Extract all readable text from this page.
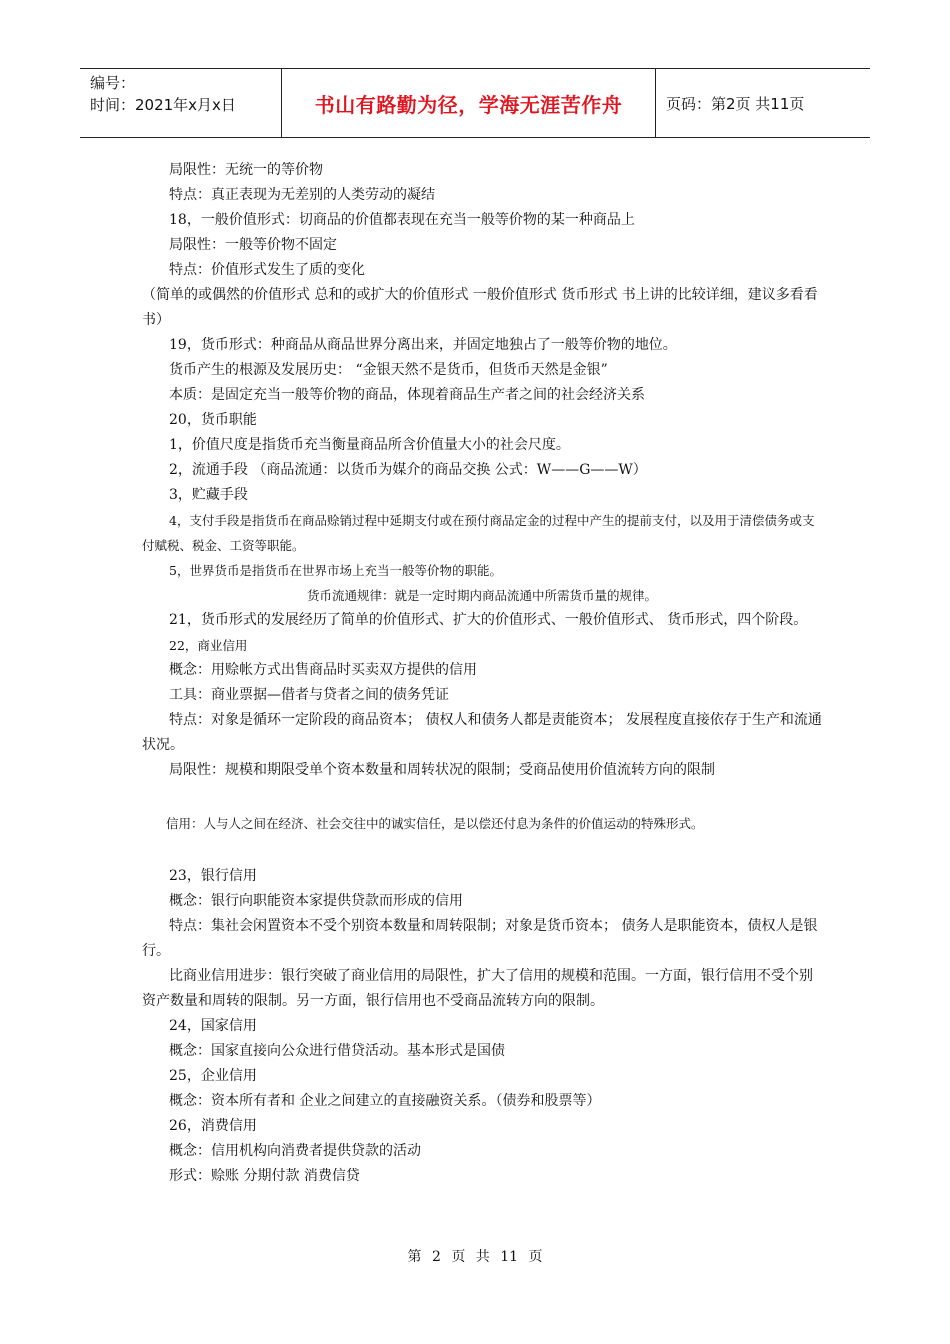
编号：
时间：2021年x月x日	书山有路勤为径，学海无涯苦作舟	页码：第2页 共11页

局限性：无统一的等价物

特点：真正表现为无差别的人类劳动的凝结

18，一般价值形式：切商品的价值都表现在充当一般等价物的某一种商品上

局限性：一般等价物不固定

特点：价值形式发生了质的变化

（简单的或偶然的价值形式 总和的或扩大的价值形式 一般价值形式 货币形式 书上讲的比较详细，建议多看看书）

19，货币形式：种商品从商品世界分离出来，并固定地独占了一般等价物的地位。

货币产生的根源及发展历史： “金银天然不是货币，但货币天然是金银”

本质：是固定充当一般等价物的商品，体现着商品生产者之间的社会经济关系

20，货币职能

1，价值尺度是指货币充当衡量商品所含价值量大小的社会尺度。

2，流通手段 （商品流通：以货币为媒介的商品交换 公式：W——G——W）

3，贮藏手段

4，支付手段是指货币在商品赊销过程中延期支付或在预付商品定金的过程中产生的提前支付，以及用于清偿债务或支付赋税、税金、工资等职能。

5，世界货币是指货币在世界市场上充当一般等价物的职能。

货币流通规律：就是一定时期内商品流通中所需货币量的规律。

21，货币形式的发展经历了简单的价值形式、扩大的价值形式、一般价值形式、 货币形式，四个阶段。

22，商业信用

概念：用赊帐方式出售商品时买卖双方提供的信用

工具：商业票据—借者与贷者之间的债务凭证

特点：对象是循环一定阶段的商品资本； 债权人和债务人都是责能资本； 发展程度直接依存于生产和流通状况。

局限性：规模和期限受单个资本数量和周转状况的限制；受商品使用价值流转方向的限制

信用：人与人之间在经济、社会交往中的诚实信任，是以偿还付息为条件的价值运动的特殊形式。

23，银行信用

概念：银行向职能资本家提供贷款而形成的信用

特点：集社会闲置资本不受个别资本数量和周转限制；对象是货币资本； 债务人是职能资本，债权人是银行。

比商业信用进步：银行突破了商业信用的局限性，扩大了信用的规模和范围。一方面，银行信用不受个别资产数量和周转的限制。另一方面，银行信用也不受商品流转方向的限制。

24，国家信用

概念：国家直接向公众进行借贷活动。基本形式是国债

25，企业信用

概念：资本所有者和 企业之间建立的直接融资关系。（债券和股票等）

26，消费信用

概念：信用机构向消费者提供贷款的活动

形式：赊账 分期付款 消费信贷

第 2 页 共 11 页
